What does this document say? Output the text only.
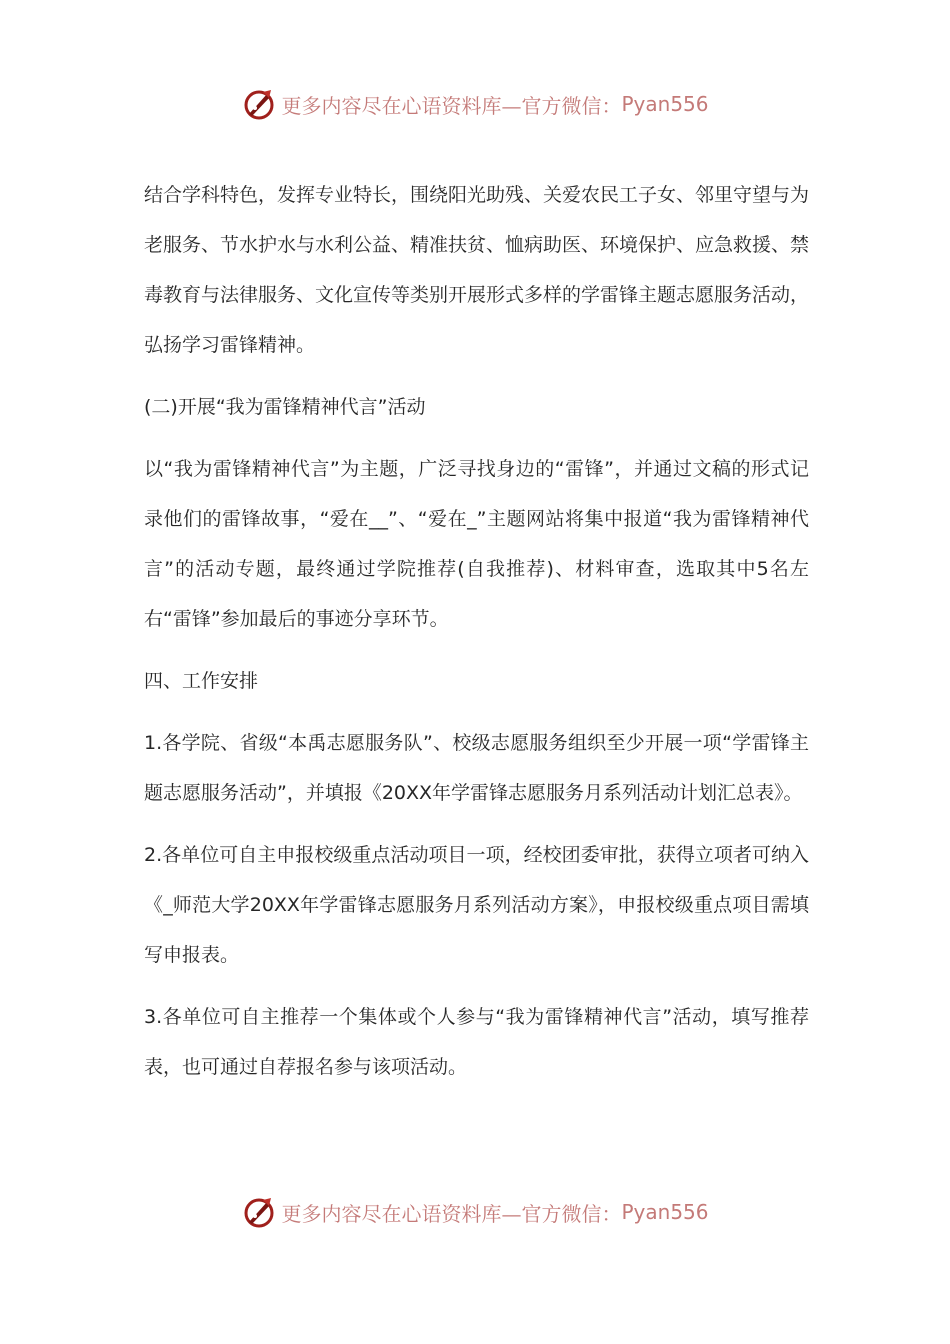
更多内容尽在心语资料库—官方微信： Pyan556

结合学科特色，发挥专业特长，围绕阳光助残、关爱农民工子女、邻里守望与为老服务、节水护水与水利公益、精准扶贫、恤病助医、环境保护、应急救援、禁毒教育与法律服务、文化宣传等类别开展形式多样的学雷锋主题志愿服务活动，弘扬学习雷锋精神。

(二)开展“我为雷锋精神代言”活动

以“我为雷锋精神代言”为主题，广泛寻找身边的“雷锋”，并通过文稿的形式记录他们的雷锋故事，“爱在__”、“爱在_”主题网站将集中报道“我为雷锋精神代言”的活动专题，最终通过学院推荐(自我推荐)、材料审查，选取其中5名左右“雷锋”参加最后的事迹分享环节。

四、工作安排

1.各学院、省级“本禹志愿服务队”、校级志愿服务组织至少开展一项“学雷锋主题志愿服务活动”，并填报《20XX年学雷锋志愿服务月系列活动计划汇总表》。

2.各单位可自主申报校级重点活动项目一项，经校团委审批，获得立项者可纳入《_师范大学20XX年学雷锋志愿服务月系列活动方案》，申报校级重点项目需填写申报表。

3.各单位可自主推荐一个集体或个人参与“我为雷锋精神代言”活动，填写推荐表，也可通过自荐报名参与该项活动。

更多内容尽在心语资料库—官方微信： Pyan556
